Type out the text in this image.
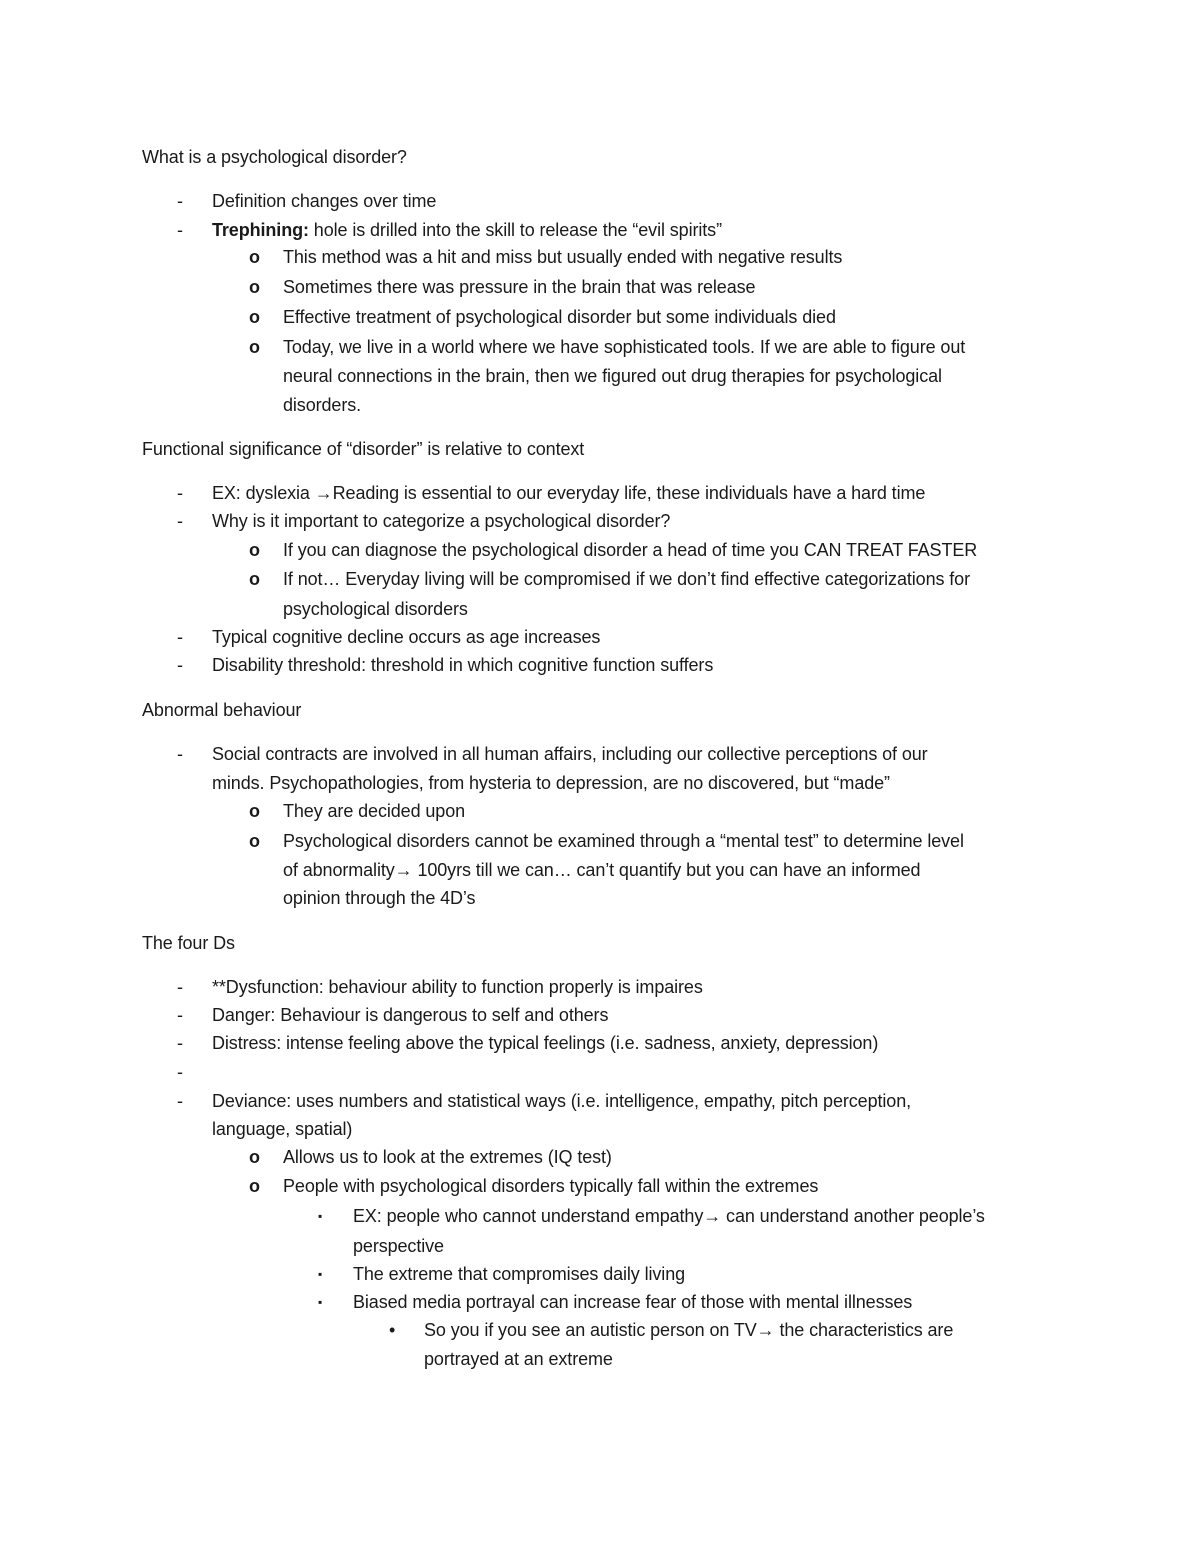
What is a psychological disorder?
- Definition changes over time
- Trephining: hole is drilled into the skill to release the “evil spirits”
o This method was a hit and miss but usually ended with negative results
o Sometimes there was pressure in the brain that was release
o Effective treatment of psychological disorder but some individuals died
o Today, we live in a world where we have sophisticated tools. If we are able to figure out
neural connections in the brain, then we figured out drug therapies for psychological
disorders.
Functional significance of “disorder” is relative to context
- EX: dyslexia →Reading is essential to our everyday life, these individuals have a hard time
- Why is it important to categorize a psychological disorder?
o If you can diagnose the psychological disorder a head of time you CAN TREAT FASTER
o If not… Everyday living will be compromised if we don’t find effective categorizations for
psychological disorders
- Typical cognitive decline occurs as age increases
- Disability threshold: threshold in which cognitive function suffers
Abnormal behaviour
- Social contracts are involved in all human affairs, including our collective perceptions of our
minds. Psychopathologies, from hysteria to depression, are no discovered, but “made”
o They are decided upon
o Psychological disorders cannot be examined through a “mental test” to determine level
of abnormality→ 100yrs till we can… can’t quantify but you can have an informed
opinion through the 4D’s
The four Ds
- **Dysfunction: behaviour ability to function properly is impaires
- Danger: Behaviour is dangerous to self and others
- Distress: intense feeling above the typical feelings (i.e. sadness, anxiety, depression)
-
- Deviance: uses numbers and statistical ways (i.e. intelligence, empathy, pitch perception,
language, spatial)
o Allows us to look at the extremes (IQ test)
o People with psychological disorders typically fall within the extremes
▪ EX: people who cannot understand empathy→ can understand another people’s
perspective
▪ The extreme that compromises daily living
▪ Biased media portrayal can increase fear of those with mental illnesses
• So you if you see an autistic person on TV→ the characteristics are
portrayed at an extreme
